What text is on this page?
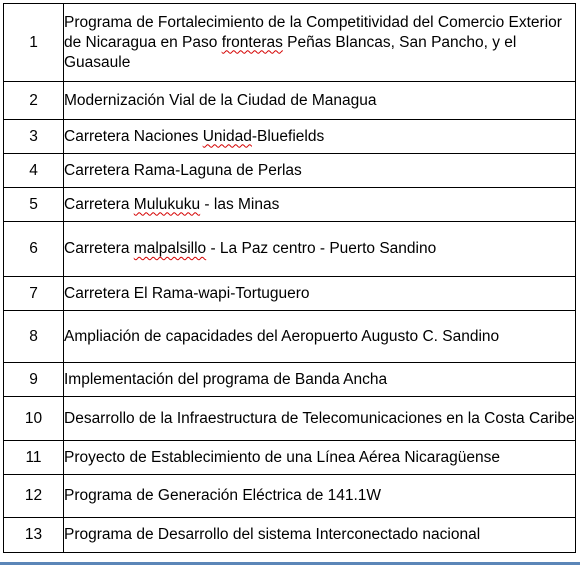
1	Programa de Fortalecimiento de la Competitividad del Comercio Exterior de Nicaragua en Paso fronteras Peñas Blancas, San Pancho, y el Guasaule
2	Modernización Vial de la Ciudad de Managua
3	Carretera Naciones Unidad-Bluefields
4	Carretera Rama-Laguna de Perlas
5	Carretera Mulukuku - las Minas
6	Carretera malpalsillo - La Paz centro - Puerto Sandino
7	Carretera El Rama-wapi-Tortuguero
8	Ampliación de capacidades del Aeropuerto Augusto C. Sandino
9	Implementación del programa de Banda Ancha
10	Desarrollo de la Infraestructura de Telecomunicaciones en la Costa Caribe
11	Proyecto de Establecimiento de una Línea Aérea Nicaragüense
12	Programa de Generación Eléctrica de 141.1W
13	Programa de Desarrollo del sistema Interconectado nacional
